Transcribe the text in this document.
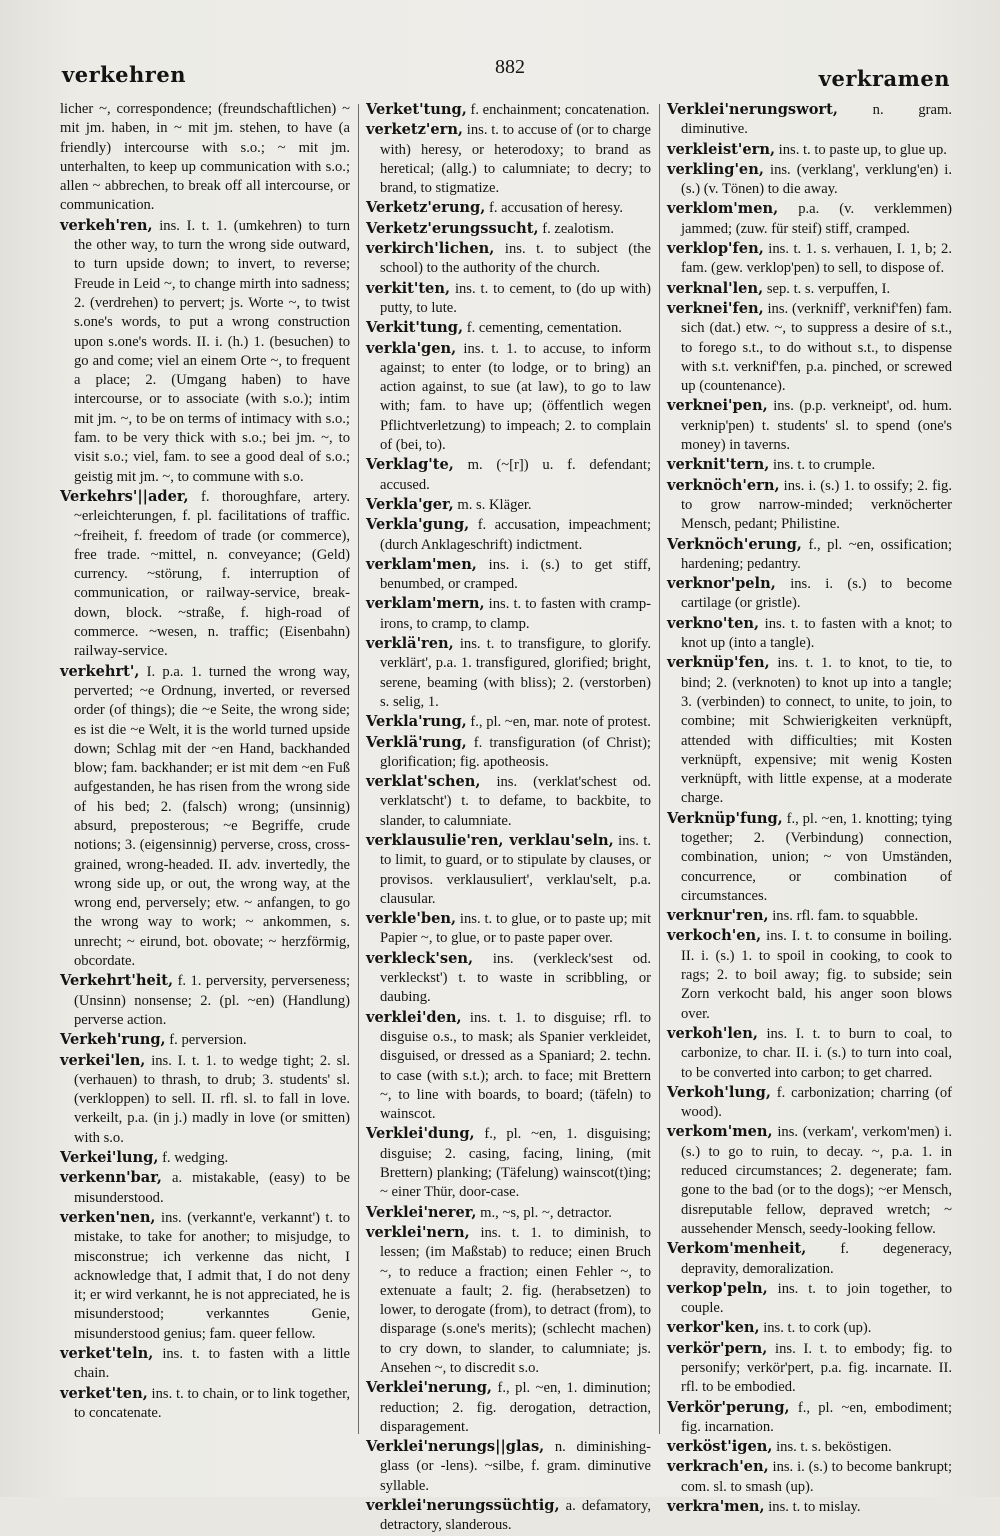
verkehren	882	verkramen

licher ~, correspondence; (freundschaftlichen) ~ mit jm. haben, in ~ mit jm. stehen, to have (a friendly) intercourse with s.o.; ~ mit jm. unterhalten, to keep up communication with s.o.; allen ~ abbrechen, to break off all intercourse, or communication.

verkeh'ren, ins. I. t. 1. (umkehren) to turn the other way, to turn the wrong side outward, to turn upside down; to invert, to reverse; Freude in Leid ~, to change mirth into sadness; 2. (verdrehen) to pervert; js. Worte ~, to twist s.one's words, to put a wrong construction upon s.one's words. II. i. (h.) 1. (besuchen) to go and come; viel an einem Orte ~, to frequent a place; 2. (Umgang haben) to have intercourse, or to associate (with s.o.); intim mit jm. ~, to be on terms of intimacy with s.o.; fam. to be very thick with s.o.; bei jm. ~, to visit s.o.; viel, fam. to see a good deal of s.o.; geistig mit jm. ~, to commune with s.o.

Verkehrs'||ader, f. thoroughfare, artery. ~erleichterungen, f. pl. facilitations of traffic. ~freiheit, f. freedom of trade (or commerce), free trade. ~mittel, n. conveyance; (Geld) currency. ~störung, f. interruption of communication, or railway-service, break-down, block. ~straße, f. high-road of commerce. ~wesen, n. traffic; (Eisenbahn) railway-service.

verkehrt', I. p.a. 1. turned the wrong way, perverted; ~e Ordnung, inverted, or reversed order (of things); die ~e Seite, the wrong side; es ist die ~e Welt, it is the world turned upside down; Schlag mit der ~en Hand, backhanded blow; fam. backhander; er ist mit dem ~en Fuß aufgestanden, he has risen from the wrong side of his bed; 2. (falsch) wrong; (unsinnig) absurd, preposterous; ~e Begriffe, crude notions; 3. (eigensinnig) perverse, cross, cross-grained, wrong-headed. II. adv. invertedly, the wrong side up, or out, the wrong way, at the wrong end, perversely; etw. ~ anfangen, to go the wrong way to work; ~ ankommen, s. unrecht; ~ eirund, bot. obovate; ~ herzförmig, obcordate.

Verkehrt'heit, f. 1. perversity, perverseness; (Unsinn) nonsense; 2. (pl. ~en) (Handlung) perverse action.

Verkeh'rung, f. perversion.

verkei'len, ins. I. t. 1. to wedge tight; 2. sl. (verhauen) to thrash, to drub; 3. students' sl. (verkloppen) to sell. II. rfl. sl. to fall in love. verkeilt, p.a. (in j.) madly in love (or smitten) with s.o.

Verkei'lung, f. wedging.

verkenn'bar, a. mistakable, (easy) to be misunderstood.

verken'nen, ins. (verkannt'e, verkannt') t. to mistake, to take for another; to misjudge, to misconstrue; ich verkenne das nicht, I acknowledge that, I admit that, I do not deny it; er wird verkannt, he is not appreciated, he is misunderstood; verkanntes Genie, misunderstood genius; fam. queer fellow.

verket'teln, ins. t. to fasten with a little chain.

verket'ten, ins. t. to chain, or to link together, to concatenate.

Verket'tung, f. enchainment; concatenation.

verketz'ern, ins. t. to accuse of (or to charge with) heresy, or heterodoxy; to brand as heretical; (allg.) to calumniate; to decry; to brand, to stigmatize.

Verketz'erung, f. accusation of heresy.

Verketz'erungssucht, f. zealotism.

verkirch'lichen, ins. t. to subject (the school) to the authority of the church.

verkit'ten, ins. t. to cement, to (do up with) putty, to lute.

Verkit'tung, f. cementing, cementation.

verkla'gen, ins. t. 1. to accuse, to inform against; to enter (to lodge, or to bring) an action against, to sue (at law), to go to law with; fam. to have up; (öffentlich wegen Pflichtverletzung) to impeach; 2. to complain of (bei, to).

Verklag'te, m. (~[r]) u. f. defendant; accused.

Verkla'ger, m. s. Kläger.

Verkla'gung, f. accusation, impeachment; (durch Anklageschrift) indictment.

verklam'men, ins. i. (s.) to get stiff, benumbed, or cramped.

verklam'mern, ins. t. to fasten with cramp-irons, to cramp, to clamp.

verklä'ren, ins. t. to transfigure, to glorify. verklärt', p.a. 1. transfigured, glorified; bright, serene, beaming (with bliss); 2. (verstorben) s. selig, 1.

Verkla'rung, f., pl. ~en, mar. note of protest.

Verklä'rung, f. transfiguration (of Christ); glorification; fig. apotheosis.

verklat'schen, ins. (verklat'schest od. verklatscht') t. to defame, to backbite, to slander, to calumniate.

verklausulie'ren, verklau'seln, ins. t. to limit, to guard, or to stipulate by clauses, or provisos. verklausuliert', verklau'selt, p.a. clausular.

verkle'ben, ins. t. to glue, or to paste up; mit Papier ~, to glue, or to paste paper over.

verkleck'sen, ins. (verkleck'sest od. verkleckst') t. to waste in scribbling, or daubing.

verklei'den, ins. t. 1. to disguise; rfl. to disguise o.s., to mask; als Spanier verkleidet, disguised, or dressed as a Spaniard; 2. techn. to case (with s.t.); arch. to face; mit Brettern ~, to line with boards, to board; (täfeln) to wainscot.

Verklei'dung, f., pl. ~en, 1. disguising; disguise; 2. casing, facing, lining, (mit Brettern) planking; (Täfelung) wainscot(t)ing; ~ einer Thür, door-case.

Verklei'nerer, m., ~s, pl. ~, detractor.

verklei'nern, ins. t. 1. to diminish, to lessen; (im Maßstab) to reduce; einen Bruch ~, to reduce a fraction; einen Fehler ~, to extenuate a fault; 2. fig. (herabsetzen) to lower, to derogate (from), to detract (from), to disparage (s.one's merits); (schlecht machen) to cry down, to slander, to calumniate; js. Ansehen ~, to discredit s.o.

Verklei'nerung, f., pl. ~en, 1. diminution; reduction; 2. fig. derogation, detraction, disparagement.

Verklei'nerungs||glas, n. diminishing-glass (or -lens). ~silbe, f. gram. diminutive syllable.

verklei'nerungssüchtig, a. defamatory, detractory, slanderous.

Verklei'nerungswort, n. gram. diminutive.

verkleist'ern, ins. t. to paste up, to glue up.

verkling'en, ins. (verklang', verklung'en) i. (s.) (v. Tönen) to die away.

verklom'men, p.a. (v. verklemmen) jammed; (zuw. für steif) stiff, cramped.

verklop'fen, ins. t. 1. s. verhauen, I. 1, b; 2. fam. (gew. verklop'pen) to sell, to dispose of.

verknal'len, sep. t. s. verpuffen, I.

verknei'fen, ins. (verkniff', verknif'fen) fam. sich (dat.) etw. ~, to suppress a desire of s.t., to forego s.t., to do without s.t., to dispense with s.t. verknif'fen, p.a. pinched, or screwed up (countenance).

verknei'pen, ins. (p.p. verkneipt', od. hum. verknip'pen) t. students' sl. to spend (one's money) in taverns.

verknit'tern, ins. t. to crumple.

verknöch'ern, ins. i. (s.) 1. to ossify; 2. fig. to grow narrow-minded; verknöcherter Mensch, pedant; Philistine.

Verknöch'erung, f., pl. ~en, ossification; hardening; pedantry.

verknor'peln, ins. i. (s.) to become cartilage (or gristle).

verkno'ten, ins. t. to fasten with a knot; to knot up (into a tangle).

verknüp'fen, ins. t. 1. to knot, to tie, to bind; 2. (verknoten) to knot up into a tangle; 3. (verbinden) to connect, to unite, to join, to combine; mit Schwierigkeiten verknüpft, attended with difficulties; mit Kosten verknüpft, expensive; mit wenig Kosten verknüpft, with little expense, at a moderate charge.

Verknüp'fung, f., pl. ~en, 1. knotting; tying together; 2. (Verbindung) connection, combination, union; ~ von Umständen, concurrence, or combination of circumstances.

verknur'ren, ins. rfl. fam. to squabble.

verkoch'en, ins. I. t. to consume in boiling. II. i. (s.) 1. to spoil in cooking, to cook to rags; 2. to boil away; fig. to subside; sein Zorn verkocht bald, his anger soon blows over.

verkoh'len, ins. I. t. to burn to coal, to carbonize, to char. II. i. (s.) to turn into coal, to be converted into carbon; to get charred.

Verkoh'lung, f. carbonization; charring (of wood).

verkom'men, ins. (verkam', verkom'men) i. (s.) to go to ruin, to decay. ~, p.a. 1. in reduced circumstances; 2. degenerate; fam. gone to the bad (or to the dogs); ~er Mensch, disreputable fellow, depraved wretch; ~ aussehender Mensch, seedy-looking fellow.

Verkom'menheit, f. degeneracy, depravity, demoralization.

verkop'peln, ins. t. to join together, to couple.

verkor'ken, ins. t. to cork (up).

verkör'pern, ins. I. t. to embody; fig. to personify; verkör'pert, p.a. fig. incarnate. II. rfl. to be embodied.

Verkör'perung, f., pl. ~en, embodiment; fig. incarnation.

verköst'igen, ins. t. s. beköstigen.

verkrach'en, ins. i. (s.) to become bankrupt; com. sl. to smash (up).

verkra'men, ins. t. to mislay.
